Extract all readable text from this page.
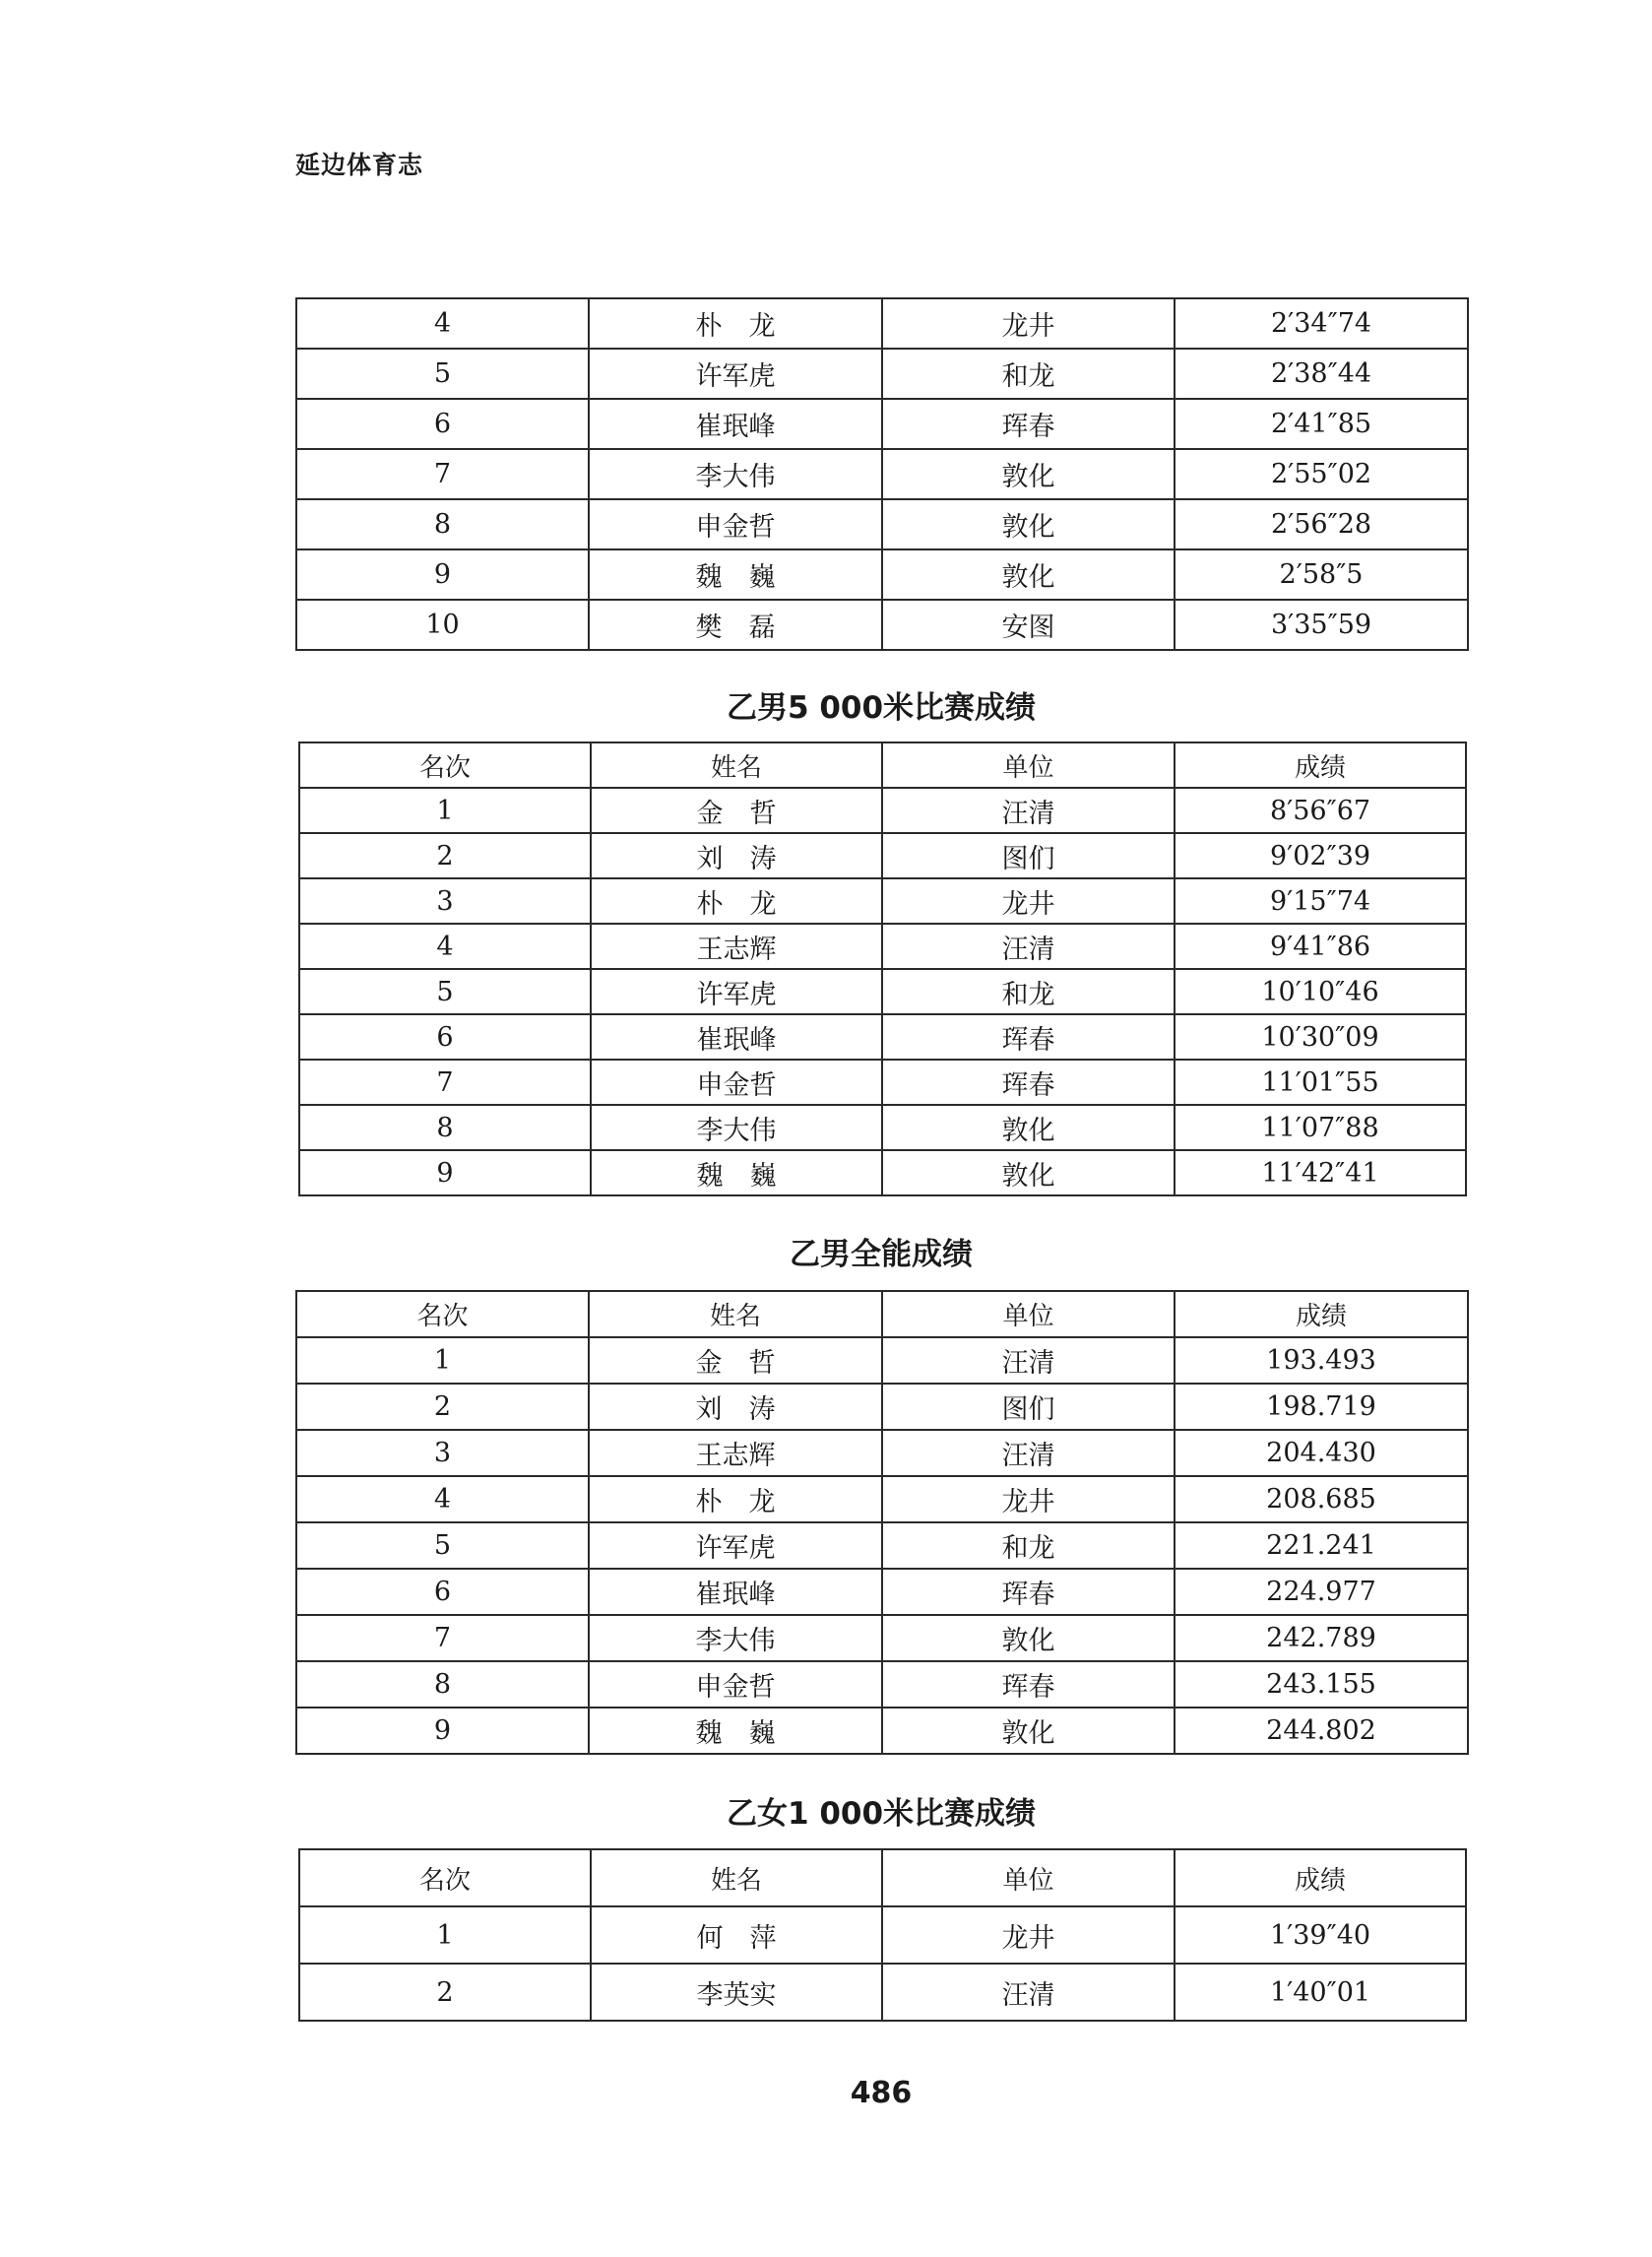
延边体育志
4	朴　龙	龙井	2′34″74
5	许军虎	和龙	2′38″44
6	崔珉峰	珲春	2′41″85
7	李大伟	敦化	2′55″02
8	申金哲	敦化	2′56″28
9	魏　巍	敦化	2′58″5
10	樊　磊	安图	3′35″59
乙男5 000米比赛成绩
名次	姓名	单位	成绩
1	金　哲	汪清	8′56″67
2	刘　涛	图们	9′02″39
3	朴　龙	龙井	9′15″74
4	王志辉	汪清	9′41″86
5	许军虎	和龙	10′10″46
6	崔珉峰	珲春	10′30″09
7	申金哲	珲春	11′01″55
8	李大伟	敦化	11′07″88
9	魏　巍	敦化	11′42″41
乙男全能成绩
名次	姓名	单位	成绩
1	金　哲	汪清	193.493
2	刘　涛	图们	198.719
3	王志辉	汪清	204.430
4	朴　龙	龙井	208.685
5	许军虎	和龙	221.241
6	崔珉峰	珲春	224.977
7	李大伟	敦化	242.789
8	申金哲	珲春	243.155
9	魏　巍	敦化	244.802
乙女1 000米比赛成绩
名次	姓名	单位	成绩
1	何　萍	龙井	1′39″40
2	李英实	汪清	1′40″01
486
